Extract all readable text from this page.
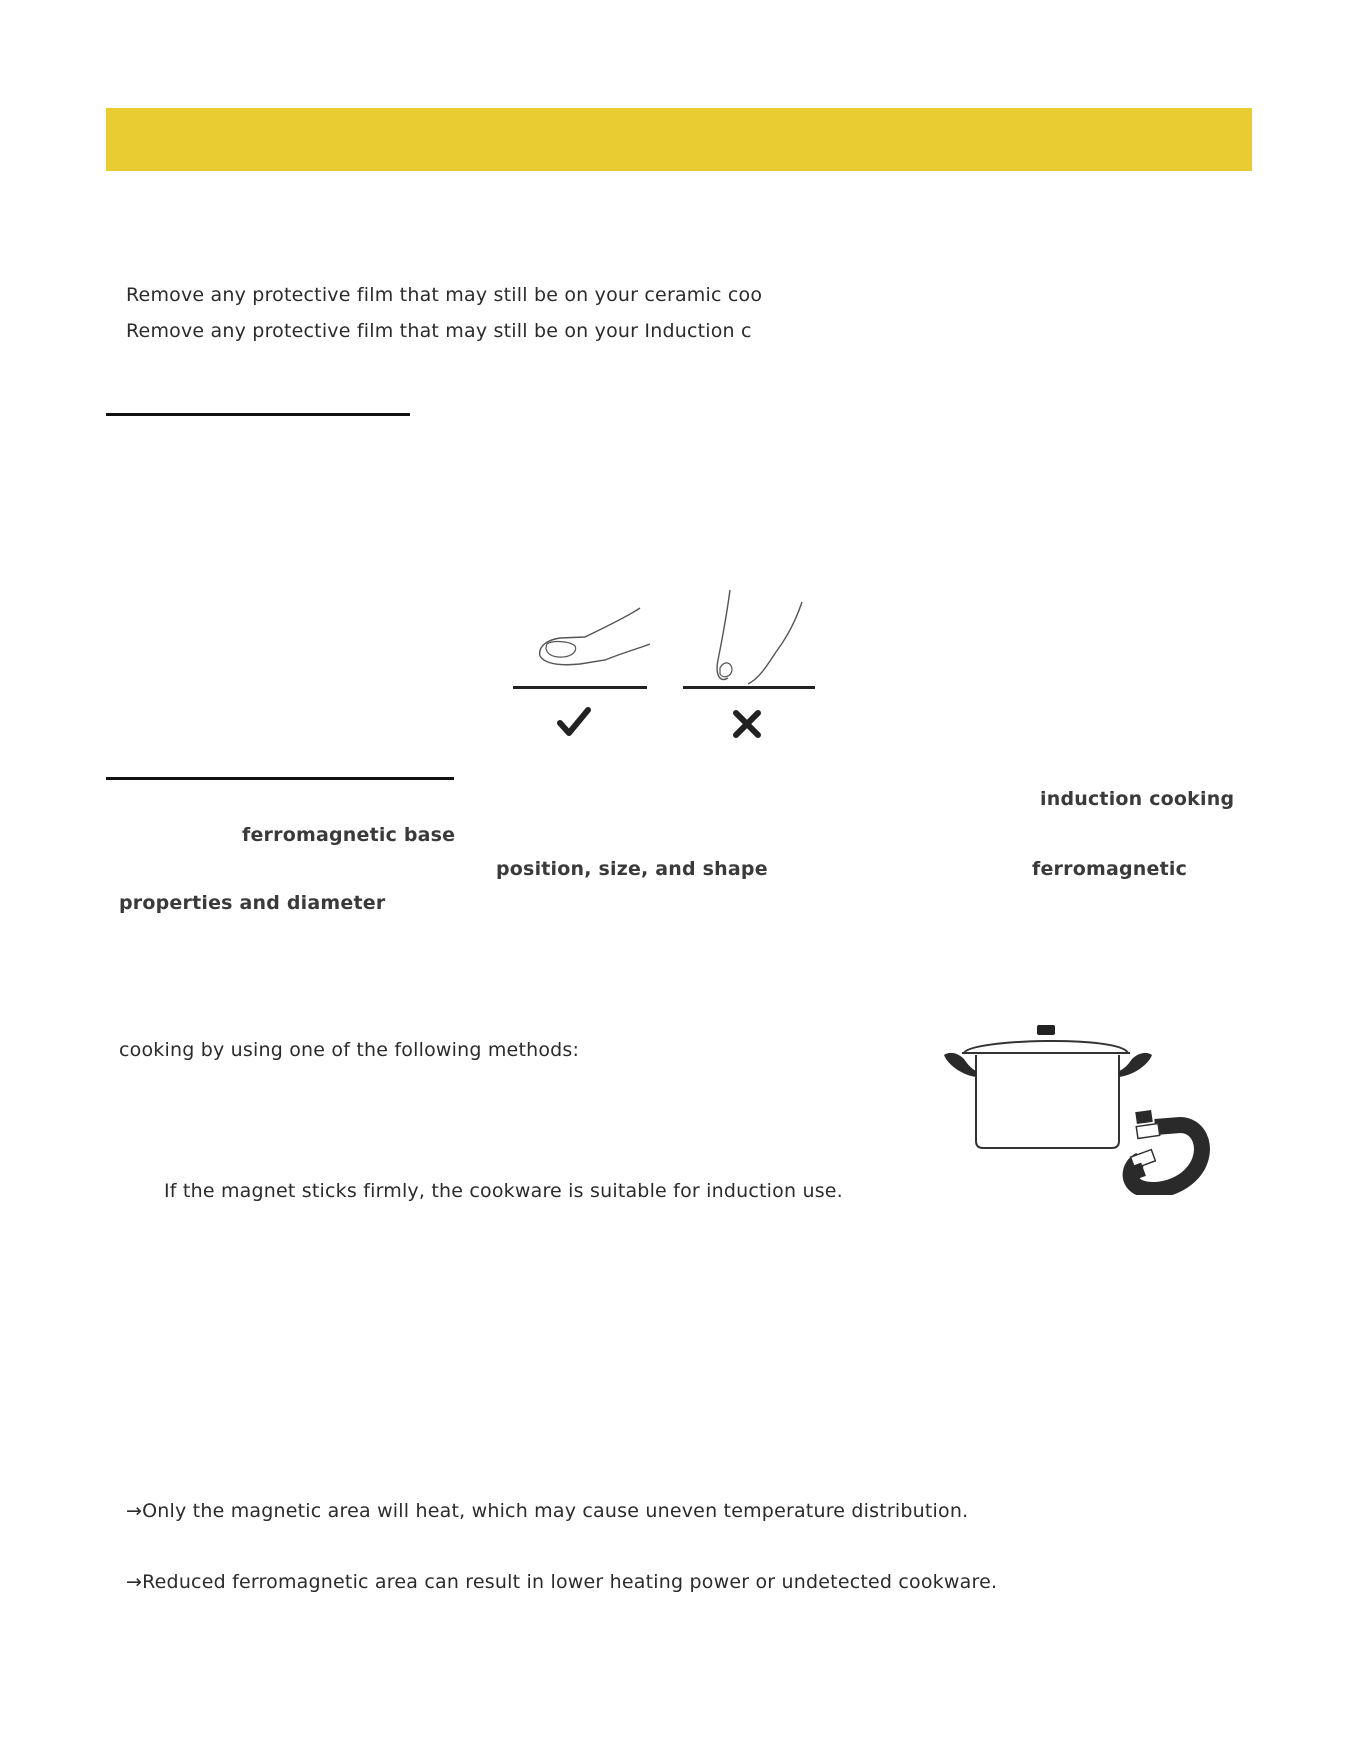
Remove any protective film that may still be on your ceramic coo
Remove any protective film that may still be on your Induction c
induction cooking
ferromagnetic base
position, size, and shape	ferromagnetic
properties and diameter
cooking by using one of the following methods:
If the magnet sticks firmly, the cookware is suitable for induction use.
→Only the magnetic area will heat, which may cause uneven temperature distribution.
→Reduced ferromagnetic area can result in lower heating power or undetected cookware.
